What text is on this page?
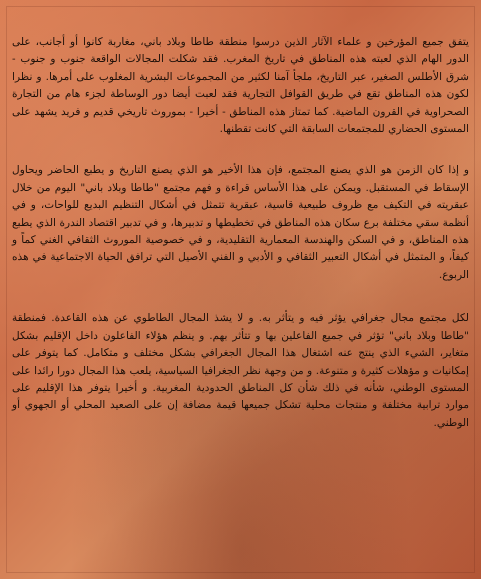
يتفق جميع المؤرخين و علماء الآثار الذين درسوا منطقة طاطا وبلاد باني، مغاربة كانوا أو أجانب، على الدور الهام الذي لعبته هذه المناطق في تاريخ المغرب. فقد شكلت المجالات الواقعة جنوب و جنوب - شرق الأطلس الصغير، عبر التاريخ، ملجأ آمنا لكثير من المجموعات البشرية المغلوب على أمرها. و نظرا لكون هذه المناطق تقع في طريق القوافل التجارية فقد لعبت أيضا دور الوساطة لجزء هام من التجارة الصحراوية في القرون الماضية. كما تمتاز هذه المناطق - أخيرا - بموروث تاريخي قديم و فريد يشهد على المستوى الحضاري للمجتمعات السابقة التي كانت تقطنها.

و إذا كان الزمن هو الذي يصنع المجتمع، فإن هذا الأخير هو الذي يصنع التاريخ و يطبع الحاضر ويحاول الإسقاط في المستقبل. ويمكن على هذا الأساس قراءة و فهم مجتمع "طاطا وبلاد باني" اليوم من خلال عبقريته في التكيف مع ظروف طبيعية قاسية، عبقرية تتمثل في أشكال التنظيم البديع للواحات، و في أنظمة سقي مختلفة برع سكان هذه المناطق في تخطيطها و تدبيرها، و في تدبير اقتصاد الندرة الذي يطبع هذه المناطق، و في السكن والهندسة المعمارية التقليدية، و في خصوصية الموروث الثقافي الغني كماً و كيفاً، و المتمثل في أشكال التعبير الثقافي و الأدبي و الفني الأصيل التي ترافق الحياة الاجتماعية في هذه الربوع.

لكل مجتمع مجال جغرافي يؤثر فيه و يتأثر به. و لا يشذ المجال الطاطوي عن هذه القاعدة. فمنطقة "طاطا وبلاد باني" تؤثر في جميع الفاعلين بها و تتأثر بهم. و ينظم هؤلاء الفاعلون داخل الإقليم بشكل متغاير، الشيء الذي ينتج عنه اشتغال هذا المجال الجغرافي بشكل مختلف و متكامل. كما يتوفر على إمكانيات و مؤهلات كثيرة و متنوعة. و من وجهة نظر الجغرافيا السياسية، يلعب هذا المجال دورا رائدا على المستوى الوطني، شأنه في ذلك شأن كل المناطق الحدودية المغربية. و أخيرا يتوفر هذا الإقليم على موارد ترابية مختلفة و منتجات محلية تشكل جميعها قيمة مضافة إن على الصعيد المحلي أو الجهوي أو الوطني.
